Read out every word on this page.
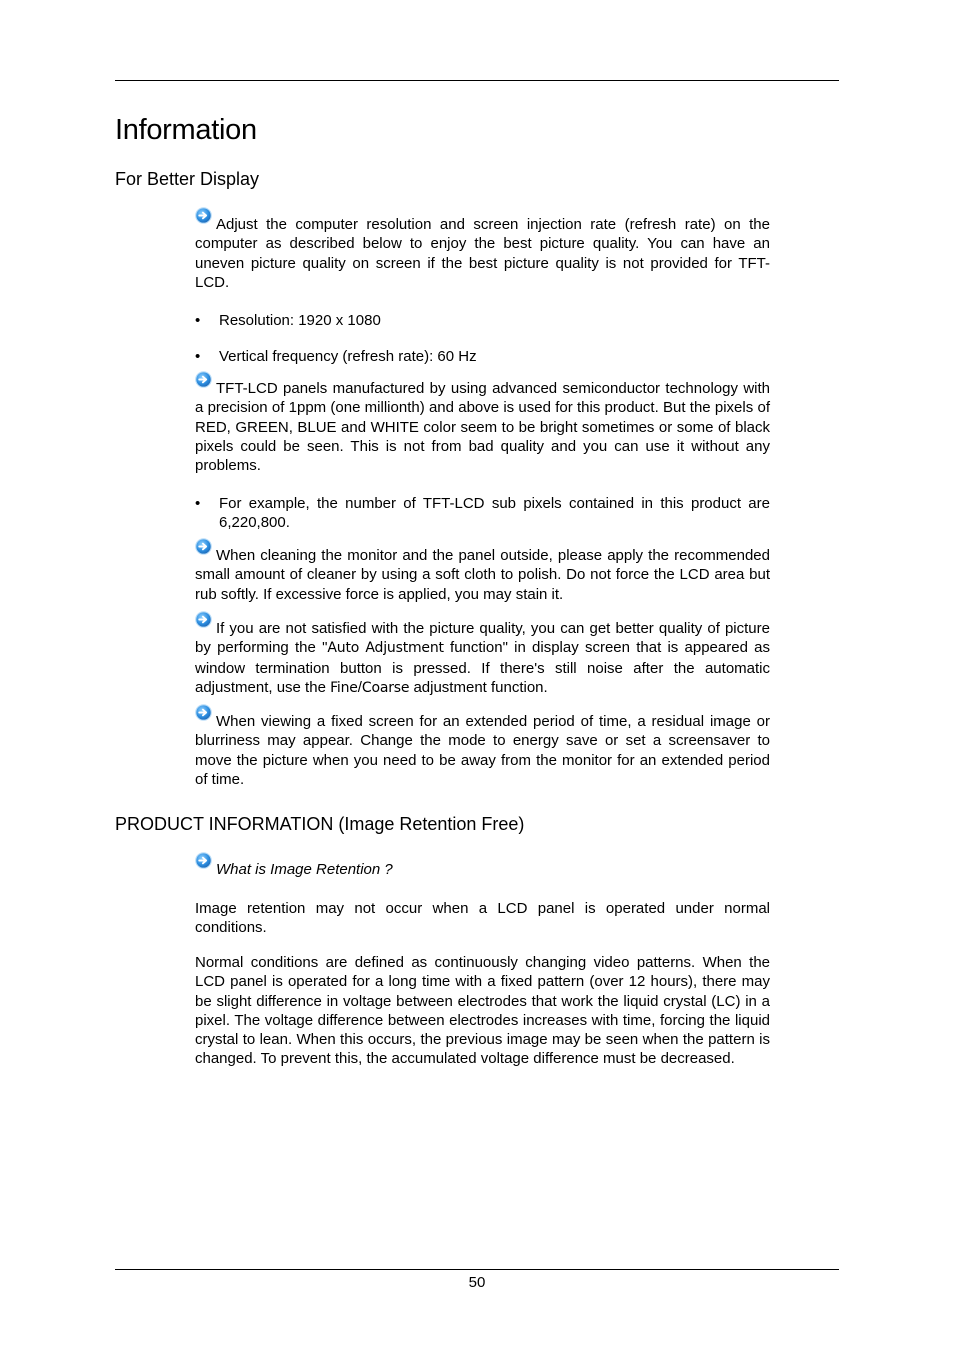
Information
For Better Display

Adjust the computer resolution and screen injection rate (refresh rate) on the computer as described below to enjoy the best picture quality. You can have an uneven picture quality on screen if the best picture quality is not provided for TFT-LCD.

• Resolution: 1920 x 1080

• Vertical frequency (refresh rate): 60 Hz

TFT-LCD panels manufactured by using advanced semiconductor technology with a precision of 1ppm (one millionth) and above is used for this product. But the pixels of RED, GREEN, BLUE and WHITE color seem to be bright sometimes or some of black pixels could be seen. This is not from bad quality and you can use it without any problems.

• For example, the number of TFT-LCD sub pixels contained in this product are 6,220,800.

When cleaning the monitor and the panel outside, please apply the recommended small amount of cleaner by using a soft cloth to polish. Do not force the LCD area but rub softly. If excessive force is applied, you may stain it.

If you are not satisfied with the picture quality, you can get better quality of picture by performing the "Auto Adjustment function" in display screen that is appeared as window termination button is pressed. If there's still noise after the automatic adjustment, use the Fine/Coarse adjustment function.

When viewing a fixed screen for an extended period of time, a residual image or blurriness may appear. Change the mode to energy save or set a screensaver to move the picture when you need to be away from the monitor for an extended period of time.

PRODUCT INFORMATION (Image Retention Free)

What is Image Retention ?

Image retention may not occur when a LCD panel is operated under normal conditions.

Normal conditions are defined as continuously changing video patterns. When the LCD panel is operated for a long time with a fixed pattern (over 12 hours), there may be slight difference in voltage between electrodes that work the liquid crystal (LC) in a pixel. The voltage difference between electrodes increases with time, forcing the liquid crystal to lean. When this occurs, the previous image may be seen when the pattern is changed. To prevent this, the accumulated voltage difference must be decreased.

50
